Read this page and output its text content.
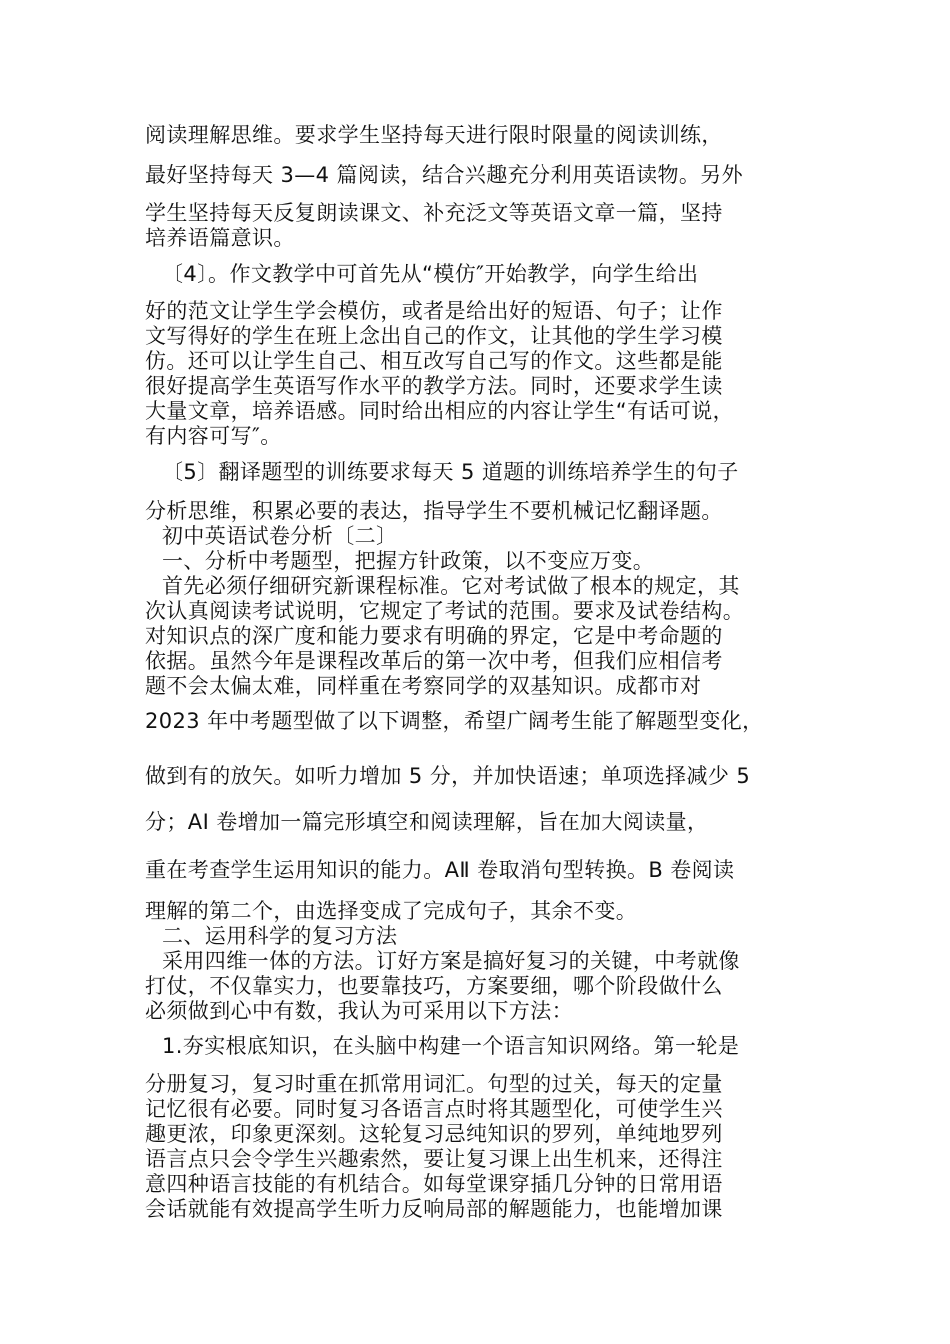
阅读理解思维。要求学生坚持每天进行限时限量的阅读训练，
最好坚持每天 3—4 篇阅读，结合兴趣充分利用英语读物。另外
学生坚持每天反复朗读课文、补充泛文等英语文章一篇，坚持
培养语篇意识。
〔4〕。作文教学中可首先从“模仿″开始教学，向学生给出
好的范文让学生学会模仿，或者是给出好的短语、句子；让作
文写得好的学生在班上念出自己的作文，让其他的学生学习模
仿。还可以让学生自己、相互改写自己写的作文。这些都是能
很好提高学生英语写作水平的教学方法。同时，还要求学生读
大量文章，培养语感。同时给出相应的内容让学生“有话可说，
有内容可写″。
〔5〕翻译题型的训练要求每天 5 道题的训练培养学生的句子
分析思维，积累必要的表达，指导学生不要机械记忆翻译题。
初中英语试卷分析〔二〕
一、分析中考题型，把握方针政策，以不变应万变。
首先必须仔细研究新课程标准。它对考试做了根本的规定，其
次认真阅读考试说明，它规定了考试的范围。要求及试卷结构。
对知识点的深广度和能力要求有明确的界定，它是中考命题的
依据。虽然今年是课程改革后的第一次中考，但我们应相信考
题不会太偏太难，同样重在考察同学的双基知识。成都市对
2023 年中考题型做了以下调整，希望广阔考生能了解题型变化，
做到有的放矢。如听力增加 5 分，并加快语速；单项选择减少 5
分；AⅠ 卷增加一篇完形填空和阅读理解，旨在加大阅读量，
重在考查学生运用知识的能力。AⅡ 卷取消句型转换。B 卷阅读
理解的第二个，由选择变成了完成句子，其余不变。
二、运用科学的复习方法
采用四维一体的方法。订好方案是搞好复习的关键，中考就像
打仗，不仅靠实力，也要靠技巧，方案要细，哪个阶段做什么
必须做到心中有数，我认为可采用以下方法：
1.夯实根底知识，在头脑中构建一个语言知识网络。第一轮是
分册复习，复习时重在抓常用词汇。句型的过关，每天的定量
记忆很有必要。同时复习各语言点时将其题型化，可使学生兴
趣更浓，印象更深刻。这轮复习忌纯知识的罗列，单纯地罗列
语言点只会令学生兴趣索然，要让复习课上出生机来，还得注
意四种语言技能的有机结合。如每堂课穿插几分钟的日常用语
会话就能有效提高学生听力反响局部的解题能力，也能增加课
